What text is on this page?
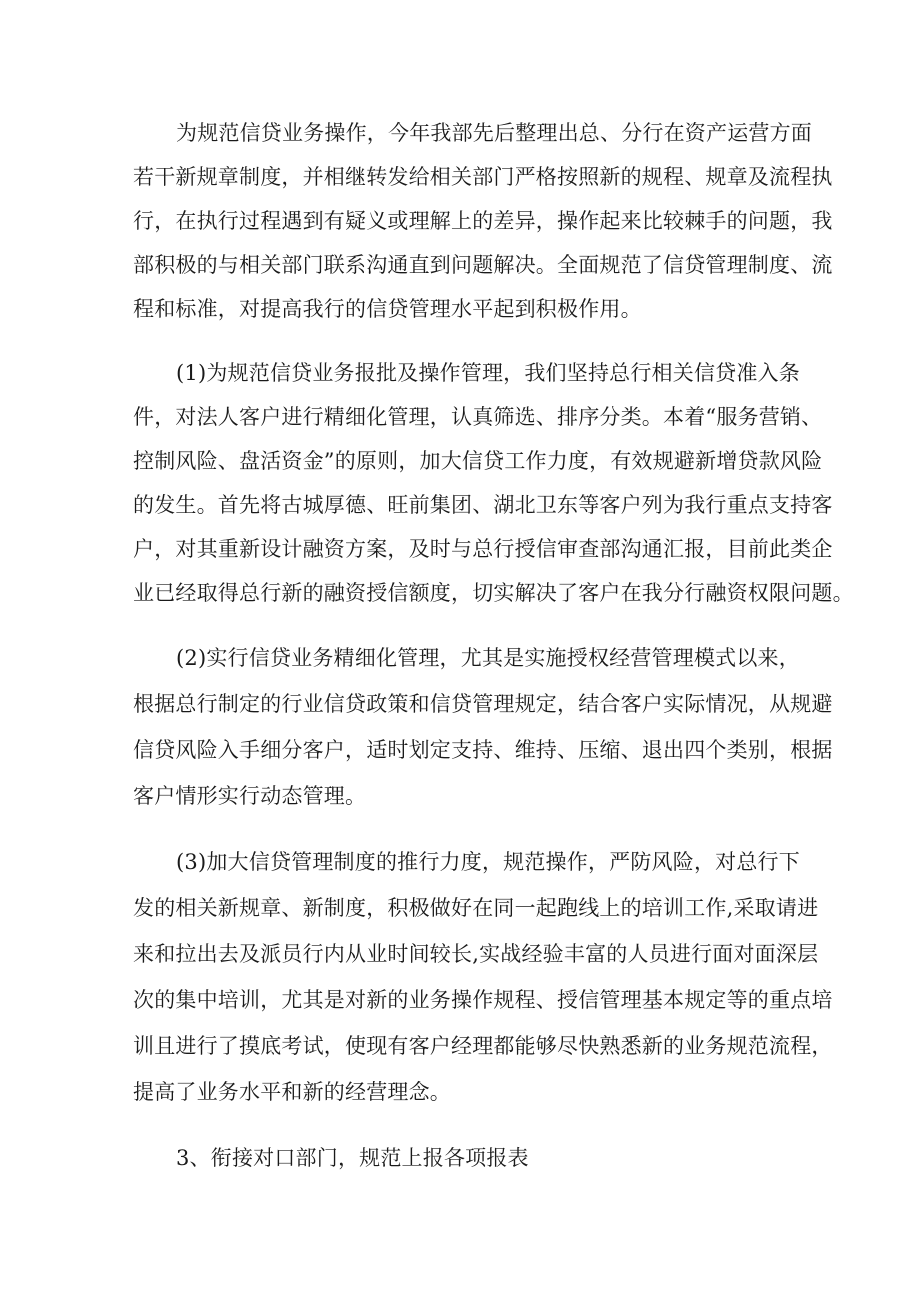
为规范信贷业务操作，今年我部先后整理出总、分行在资产运营方面
若干新规章制度，并相继转发给相关部门严格按照新的规程、规章及流程执
行，在执行过程遇到有疑义或理解上的差异，操作起来比较棘手的问题，我
部积极的与相关部门联系沟通直到问题解决。全面规范了信贷管理制度、流
程和标准，对提高我行的信贷管理水平起到积极作用。
(1)为规范信贷业务报批及操作管理，我们坚持总行相关信贷准入条
件，对法人客户进行精细化管理，认真筛选、排序分类。本着“服务营销、
控制风险、盘活资金”的原则，加大信贷工作力度，有效规避新增贷款风险
的发生。首先将古城厚德、旺前集团、湖北卫东等客户列为我行重点支持客
户，对其重新设计融资方案，及时与总行授信审查部沟通汇报，目前此类企
业已经取得总行新的融资授信额度，切实解决了客户在我分行融资权限问题。
(2)实行信贷业务精细化管理，尤其是实施授权经营管理模式以来，
根据总行制定的行业信贷政策和信贷管理规定，结合客户实际情况，从规避
信贷风险入手细分客户，适时划定支持、维持、压缩、退出四个类别，根据
客户情形实行动态管理。
(3)加大信贷管理制度的推行力度，规范操作，严防风险，对总行下
发的相关新规章、新制度，积极做好在同一起跑线上的培训工作,采取请进
来和拉出去及派员行内从业时间较长,实战经验丰富的人员进行面对面深层
次的集中培训，尤其是对新的业务操作规程、授信管理基本规定等的重点培
训且进行了摸底考试，使现有客户经理都能够尽快熟悉新的业务规范流程，
提高了业务水平和新的经营理念。
3、衔接对口部门，规范上报各项报表
